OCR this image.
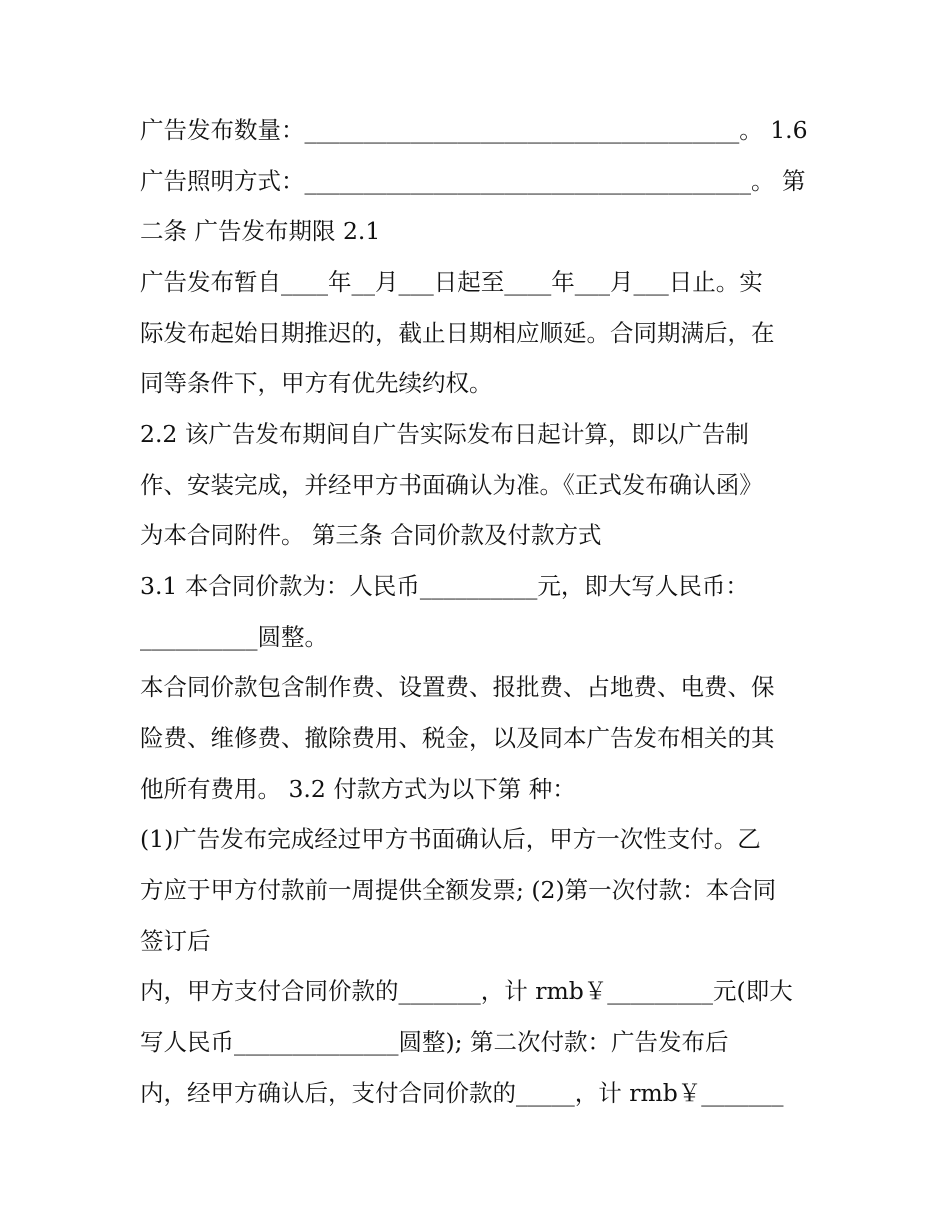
广告发布数量：_____________________________________。 1.6
广告照明方式：______________________________________。 第
二条 广告发布期限 2.1
广告发布暂自____年__月___日起至____年___月___日止。实
际发布起始日期推迟的，截止日期相应顺延。合同期满后，在
同等条件下，甲方有优先续约权。
2.2 该广告发布期间自广告实际发布日起计算，即以广告制
作、安装完成，并经甲方书面确认为准。《正式发布确认函》
为本合同附件。 第三条 合同价款及付款方式
3.1 本合同价款为：人民币__________元，即大写人民币：
__________圆整。
本合同价款包含制作费、设置费、报批费、占地费、电费、保
险费、维修费、撤除费用、税金，以及同本广告发布相关的其
他所有费用。 3.2 付款方式为以下第 种：
(1)广告发布完成经过甲方书面确认后，甲方一次性支付。乙
方应于甲方付款前一周提供全额发票; (2)第一次付款：本合同
签订后
内，甲方支付合同价款的_______，计 rmb￥_________元(即大
写人民币______________圆整); 第二次付款：广告发布后
内，经甲方确认后，支付合同价款的_____，计 rmb￥_______
